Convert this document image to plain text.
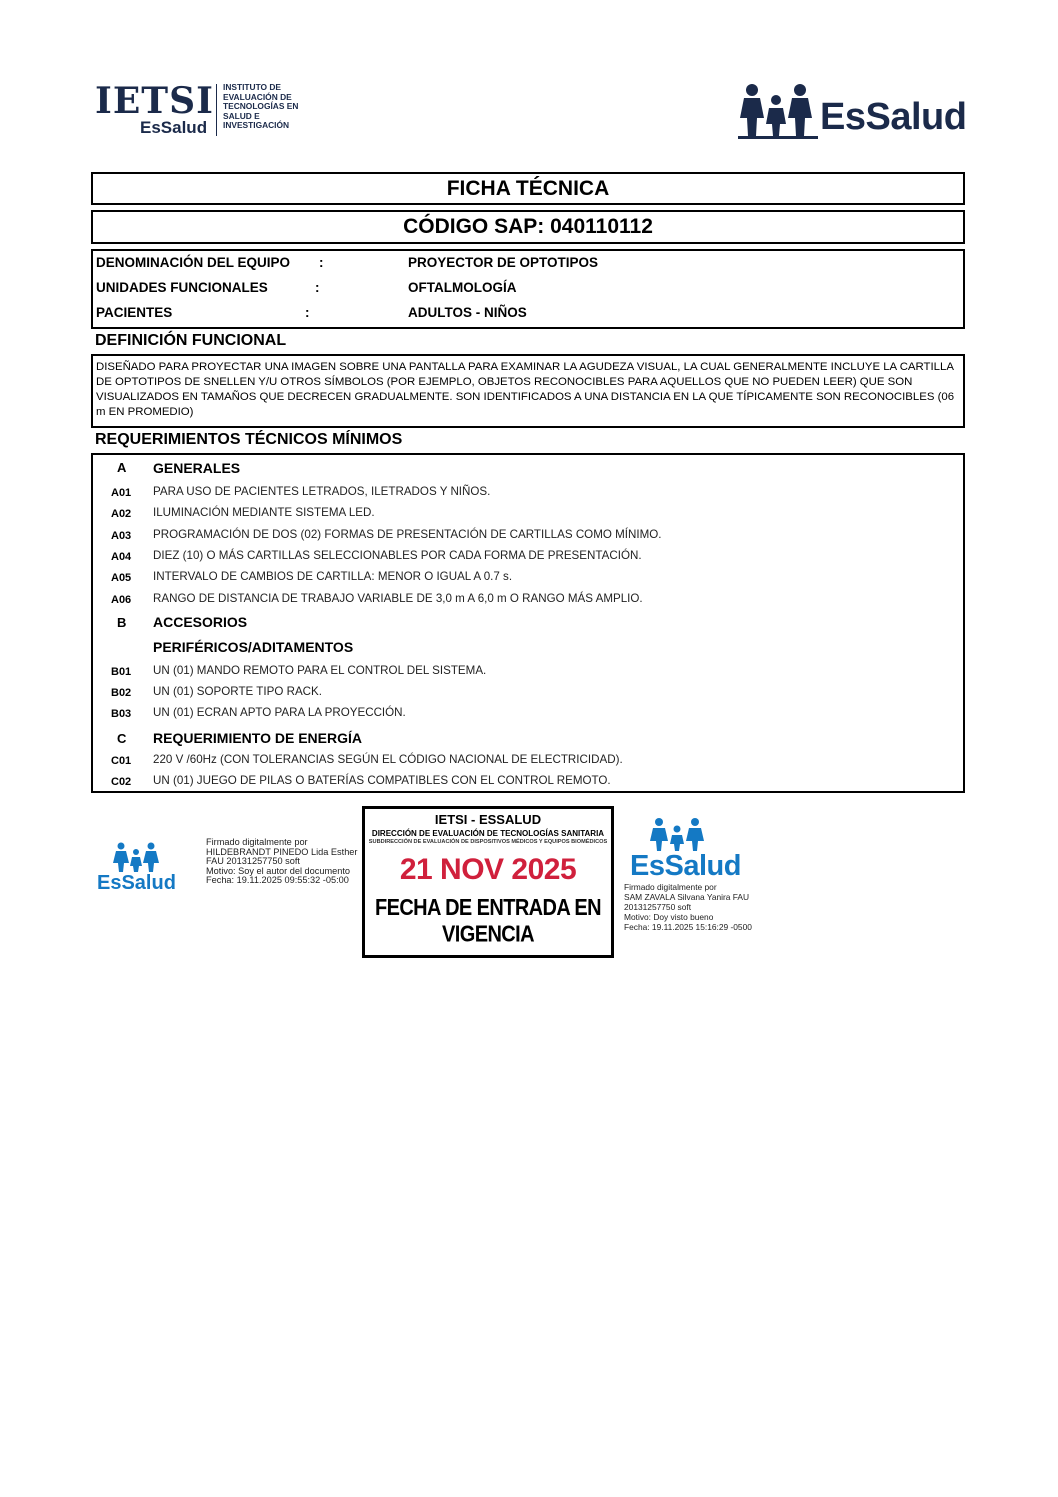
IETSI
EsSalud
INSTITUTO DE
EVALUACIÓN DE
TECNOLOGÍAS EN
SALUD E
INVESTIGACIÓN	EsSalud
FICHA TÉCNICA
CÓDIGO SAP: 040110112
DENOMINACIÓN DEL EQUIPO :	PROYECTOR DE OPTOTIPOS
UNIDADES FUNCIONALES	:	OFTALMOLOGÍA
PACIENTES	:	ADULTOS - NIÑOS
DEFINICIÓN FUNCIONAL
DISEÑADO PARA PROYECTAR UNA IMAGEN SOBRE UNA PANTALLA PARA EXAMINAR LA AGUDEZA VISUAL, LA CUAL GENERALMENTE INCLUYE LA CARTILLA DE OPTOTIPOS DE SNELLEN Y/U OTROS SÍMBOLOS (POR EJEMPLO, OBJETOS RECONOCIBLES PARA AQUELLOS QUE NO PUEDEN LEER) QUE SON VISUALIZADOS EN TAMAÑOS QUE DECRECEN GRADUALMENTE. SON IDENTIFICADOS A UNA DISTANCIA EN LA QUE TÍPICAMENTE SON RECONOCIBLES (06 m EN PROMEDIO)
REQUERIMIENTOS TÉCNICOS MÍNIMOS
A GENERALES
A01 PARA USO DE PACIENTES LETRADOS, ILETRADOS Y NIÑOS.
A02 ILUMINACIÓN MEDIANTE SISTEMA LED.
A03 PROGRAMACIÓN DE DOS (02) FORMAS DE PRESENTACIÓN DE CARTILLAS COMO MÍNIMO.
A04 DIEZ (10) O MÁS CARTILLAS SELECCIONABLES POR CADA FORMA DE PRESENTACIÓN.
A05 INTERVALO DE CAMBIOS DE CARTILLA: MENOR O IGUAL A 0.7 s.
A06 RANGO DE DISTANCIA DE TRABAJO VARIABLE DE 3,0 m A 6,0 m O RANGO MÁS AMPLIO.
B ACCESORIOS
PERIFÉRICOS/ADITAMENTOS
B01 UN (01) MANDO REMOTO PARA EL CONTROL DEL SISTEMA.
B02 UN (01) SOPORTE TIPO RACK.
B03 UN (01) ECRAN APTO PARA LA PROYECCIÓN.
C REQUERIMIENTO DE ENERGÍA
C01 220 V /60Hz (CON TOLERANCIAS SEGÚN EL CÓDIGO NACIONAL DE ELECTRICIDAD).
C02 UN (01) JUEGO DE PILAS O BATERÍAS COMPATIBLES CON EL CONTROL REMOTO.
EsSalud
Firmado digitalmente por
HILDEBRANDT PINEDO Lida Esther
FAU 20131257750 soft
Motivo: Soy el autor del documento
Fecha: 19.11.2025 09:55:32 -05:00
IETSI - ESSALUD
DIRECCIÓN DE EVALUACIÓN DE TECNOLOGÍAS SANITARIA
SUBDIRECCIÓN DE EVALUACIÓN DE DISPOSITIVOS MÉDICOS Y EQUIPOS BIOMÉDICOS
21 NOV 2025
FECHA DE ENTRADA EN VIGENCIA
EsSalud
Firmado digitalmente por
SAM ZAVALA Silvana Yanira FAU
20131257750 soft
Motivo: Doy visto bueno
Fecha: 19.11.2025 15:16:29 -0500
